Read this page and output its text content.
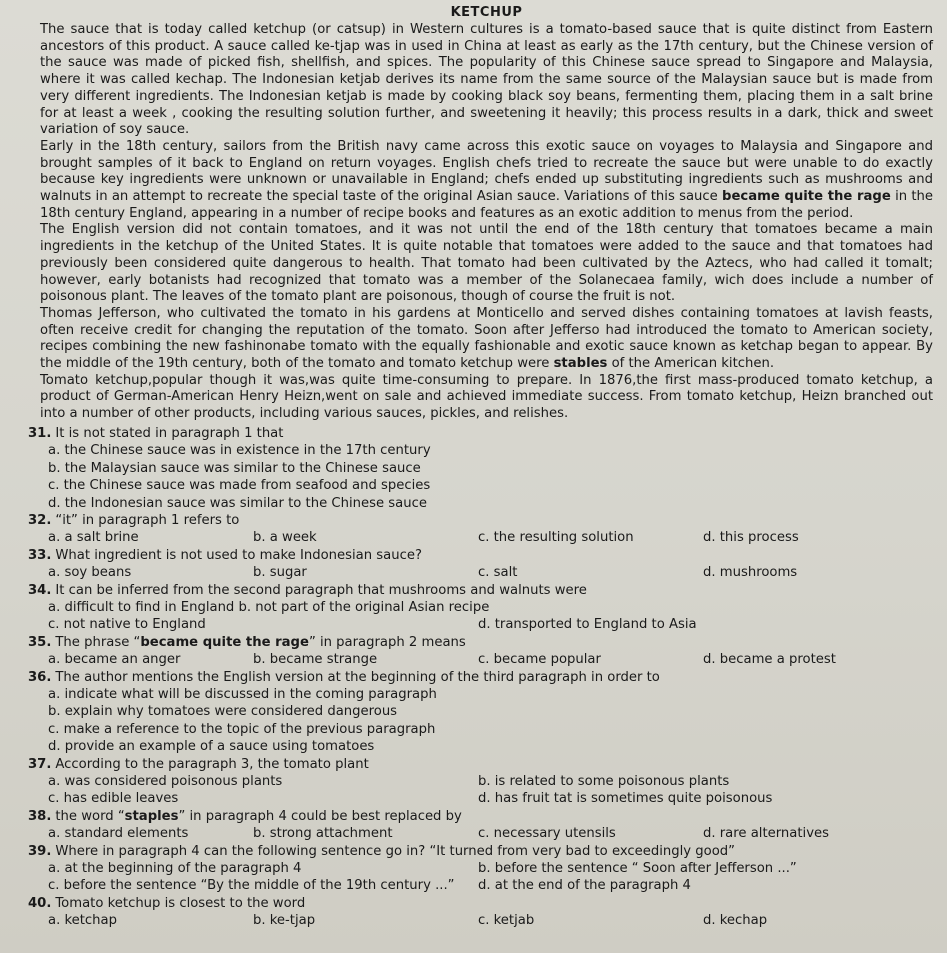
KETCHUP

The sauce that is today called ketchup (or catsup) in Western cultures is a tomato-based sauce that is quite distinct from Eastern ancestors of this product. A sauce called ke-tjap was in used in China at least as early as the 17th century, but the Chinese version of the sauce was made of picked fish, shellfish, and spices. The popularity of this Chinese sauce spread to Singapore and Malaysia, where it was called kechap. The Indonesian ketjab derives its name from the same source of the Malaysian sauce but is made from very different ingredients. The Indonesian ketjab is made by cooking black soy beans, fermenting them, placing them in a salt brine for at least a week , cooking the resulting solution further, and sweetening it heavily; this process results in a dark, thick and sweet variation of soy sauce.

Early in the 18th century, sailors from the British navy came across this exotic sauce on voyages to Malaysia and Singapore and brought samples of it back to England on return voyages. English chefs tried to recreate the sauce but were unable to do exactly because key ingredients were unknown or unavailable in England; chefs ended up substituting ingredients such as mushrooms and walnuts in an attempt to recreate the special taste of the original Asian sauce. Variations of this sauce became quite the rage in the 18th century England, appearing in a number of recipe books and features as an exotic addition to menus from the period.

The English version did not contain tomatoes, and it was not until the end of the 18th century that tomatoes became a main ingredients in the ketchup of the United States. It is quite notable that tomatoes were added to the sauce and that tomatoes had previously been considered quite dangerous to health. That tomato had been cultivated by the Aztecs, who had called it tomalt; however, early botanists had recognized that tomato was a member of the Solanecaea family, wich does include a number of poisonous plant. The leaves of the tomato plant are poisonous, though of course the fruit is not.

Thomas Jefferson, who cultivated the tomato in his gardens at Monticello and served dishes containing tomatoes at lavish feasts, often receive credit for changing the reputation of the tomato. Soon after Jefferso had introduced the tomato to American society, recipes combining the new fashinonabe tomato with the equally fashionable and exotic sauce known as ketchap began to appear. By the middle of the 19th century, both of the tomato and tomato ketchup were stables of the American kitchen.

Tomato ketchup,popular though it was,was quite time-consuming to prepare. In 1876,the first mass-produced tomato ketchup, a product of German-American Henry Heizn,went on sale and achieved immediate success. From tomato ketchup, Heizn branched out into a number of other products, including various sauces, pickles, and relishes.

31. It is not stated in paragraph 1 that
a. the Chinese sauce was in existence in the 17th century
b. the Malaysian sauce was similar to the Chinese sauce
c. the Chinese sauce was made from seafood and species
d. the Indonesian sauce was similar to the Chinese sauce
32. “it” in paragraph 1 refers to
a. a salt brine	b. a week	c. the resulting solution	d. this process
33. What ingredient is not used to make Indonesian sauce?
a. soy beans	b. sugar	c. salt	d. mushrooms
34. It can be inferred from the second paragraph that mushrooms and walnuts were
a. difficult to find in England b. not part of the original Asian recipe
c. not native to England	d. transported to England to Asia
35. The phrase “became quite the rage” in paragraph 2 means
a. became an anger	b. became strange	c. became popular	d. became a protest
36. The author mentions the English version at the beginning of the third paragraph in order to
a. indicate what will be discussed in the coming paragraph
b. explain why tomatoes were considered dangerous
c. make a reference to the topic of the previous paragraph
d. provide an example of a sauce using tomatoes
37. According to the paragraph 3, the tomato plant
a. was considered poisonous plants	b. is related to some poisonous plants
c. has edible leaves	d. has fruit tat is sometimes quite poisonous
38. the word “staples” in paragraph 4 could be best replaced by
a. standard elements	b. strong attachment	c. necessary utensils	d. rare alternatives
39. Where in paragraph 4 can the following sentence go in? “It turned from very bad to exceedingly good”
a. at the beginning of the paragraph 4	b. before the sentence “ Soon after Jefferson ...”
c. before the sentence “By the middle of the 19th century ...”	d. at the end of the paragraph 4
40. Tomato ketchup is closest to the word
a. ketchap	b. ke-tjap	c. ketjab	d. kechap
